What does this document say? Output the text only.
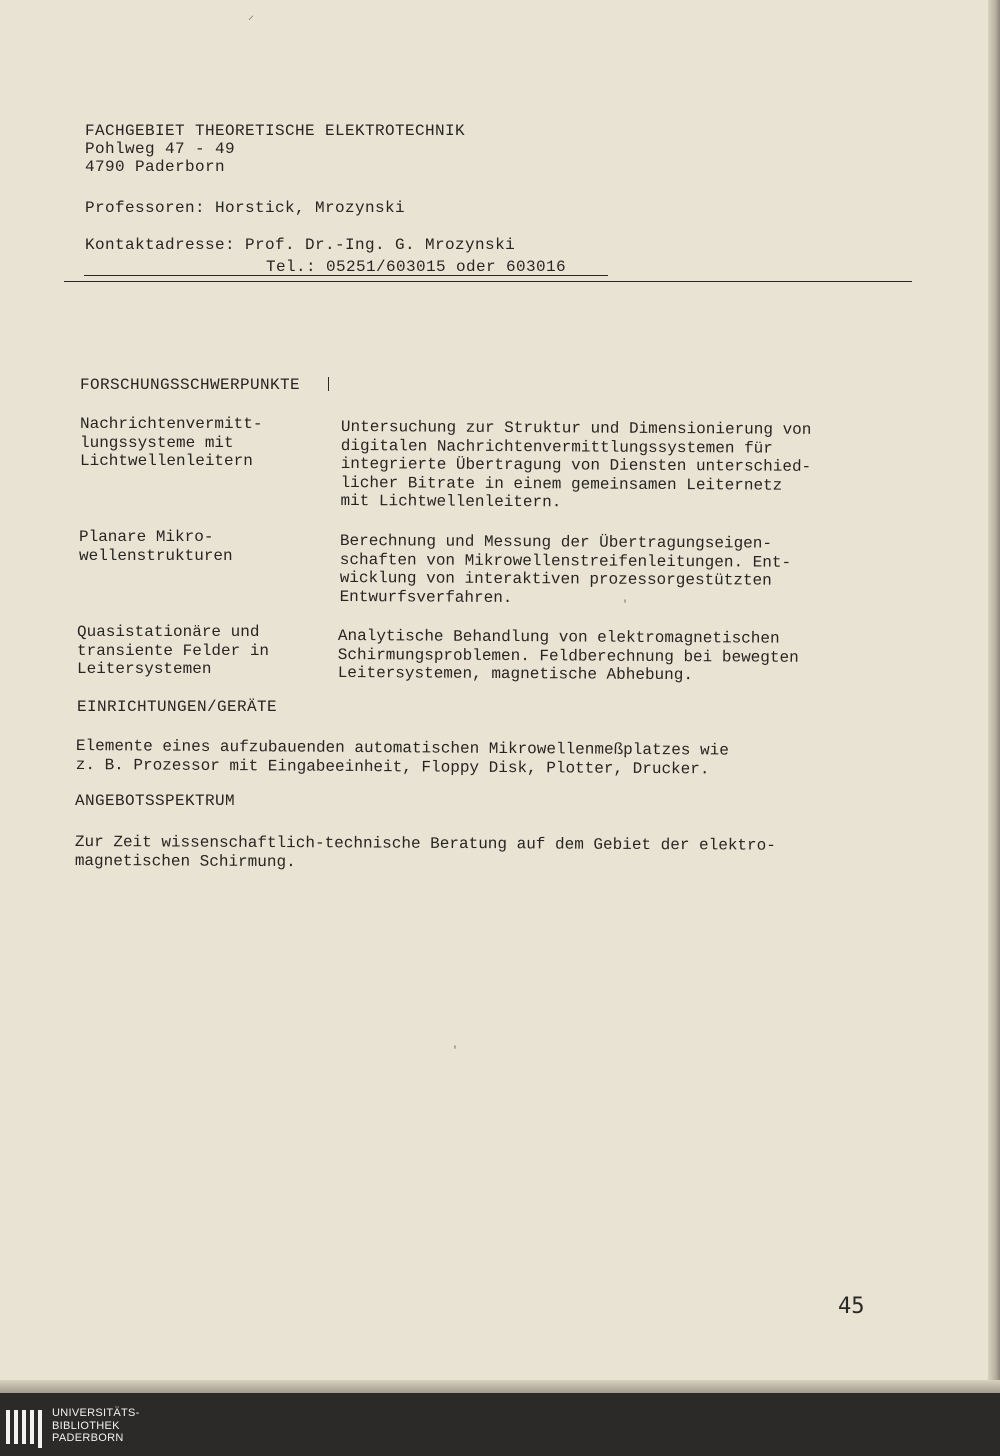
⸝
FACHGEBIET THEORETISCHE ELEKTROTECHNIK
Pohlweg 47 - 49
4790 Paderborn
Professoren: Horstick, Mrozynski
Kontaktadresse: Prof. Dr.-Ing. G. Mrozynski
Tel.: 05251/603015 oder 603016
FORSCHUNGSSCHWERPUNKTE
Nachrichtenvermitt-
lungssysteme mit
Lichtwellenleitern
Untersuchung zur Struktur und Dimensionierung von
digitalen Nachrichtenvermittlungssystemen für
integrierte Übertragung von Diensten unterschied-
licher Bitrate in einem gemeinsamen Leiternetz
mit Lichtwellenleitern.
Planare Mikro-
wellenstrukturen
Berechnung und Messung der Übertragungseigen-
schaften von Mikrowellenstreifenleitungen. Ent-
wicklung von interaktiven prozessorgestützten
Entwurfsverfahren.
Quasistationäre und
transiente Felder in
Leitersystemen
Analytische Behandlung von elektromagnetischen
Schirmungsproblemen. Feldberechnung bei bewegten
Leitersystemen, magnetische Abhebung.
EINRICHTUNGEN/GERÄTE
Elemente eines aufzubauenden automatischen Mikrowellenmeßplatzes wie
z. B. Prozessor mit Eingabeeinheit, Floppy Disk, Plotter, Drucker.
ANGEBOTSSPEKTRUM
Zur Zeit wissenschaftlich-technische Beratung auf dem Gebiet der elektro-
magnetischen Schirmung.
'
'
45
UNIVERSITÄTS-
BIBLIOTHEK
PADERBORN
